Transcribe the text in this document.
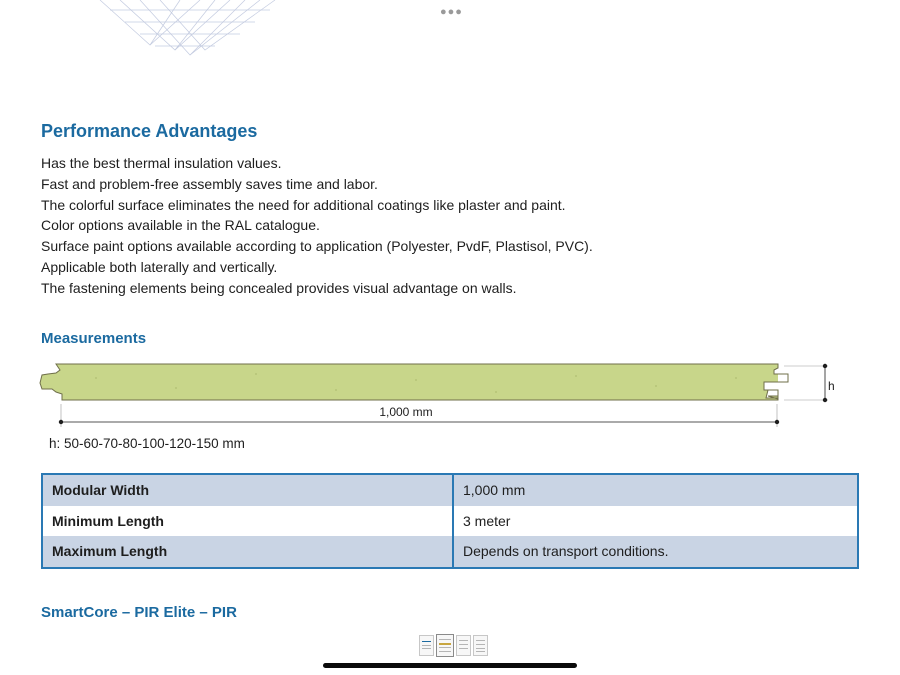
●●●
Performance Advantages
Has the best thermal insulation values.
Fast and problem-free assembly saves time and labor.
The colorful surface eliminates the need for additional coatings like plaster and paint.
Color options available in the RAL catalogue.
Surface paint options available according to application (Polyester, PvdF, Plastisol, PVC).
Applicable both laterally and vertically.
The fastening elements being concealed provides visual advantage on walls.
Measurements
h
1,000 mm
h: 50-60-70-80-100-120-150 mm
Modular Width	1,000 mm
Minimum Length	3 meter
Maximum Length	Depends on transport conditions.
SmartCore – PIR Elite – PIR
